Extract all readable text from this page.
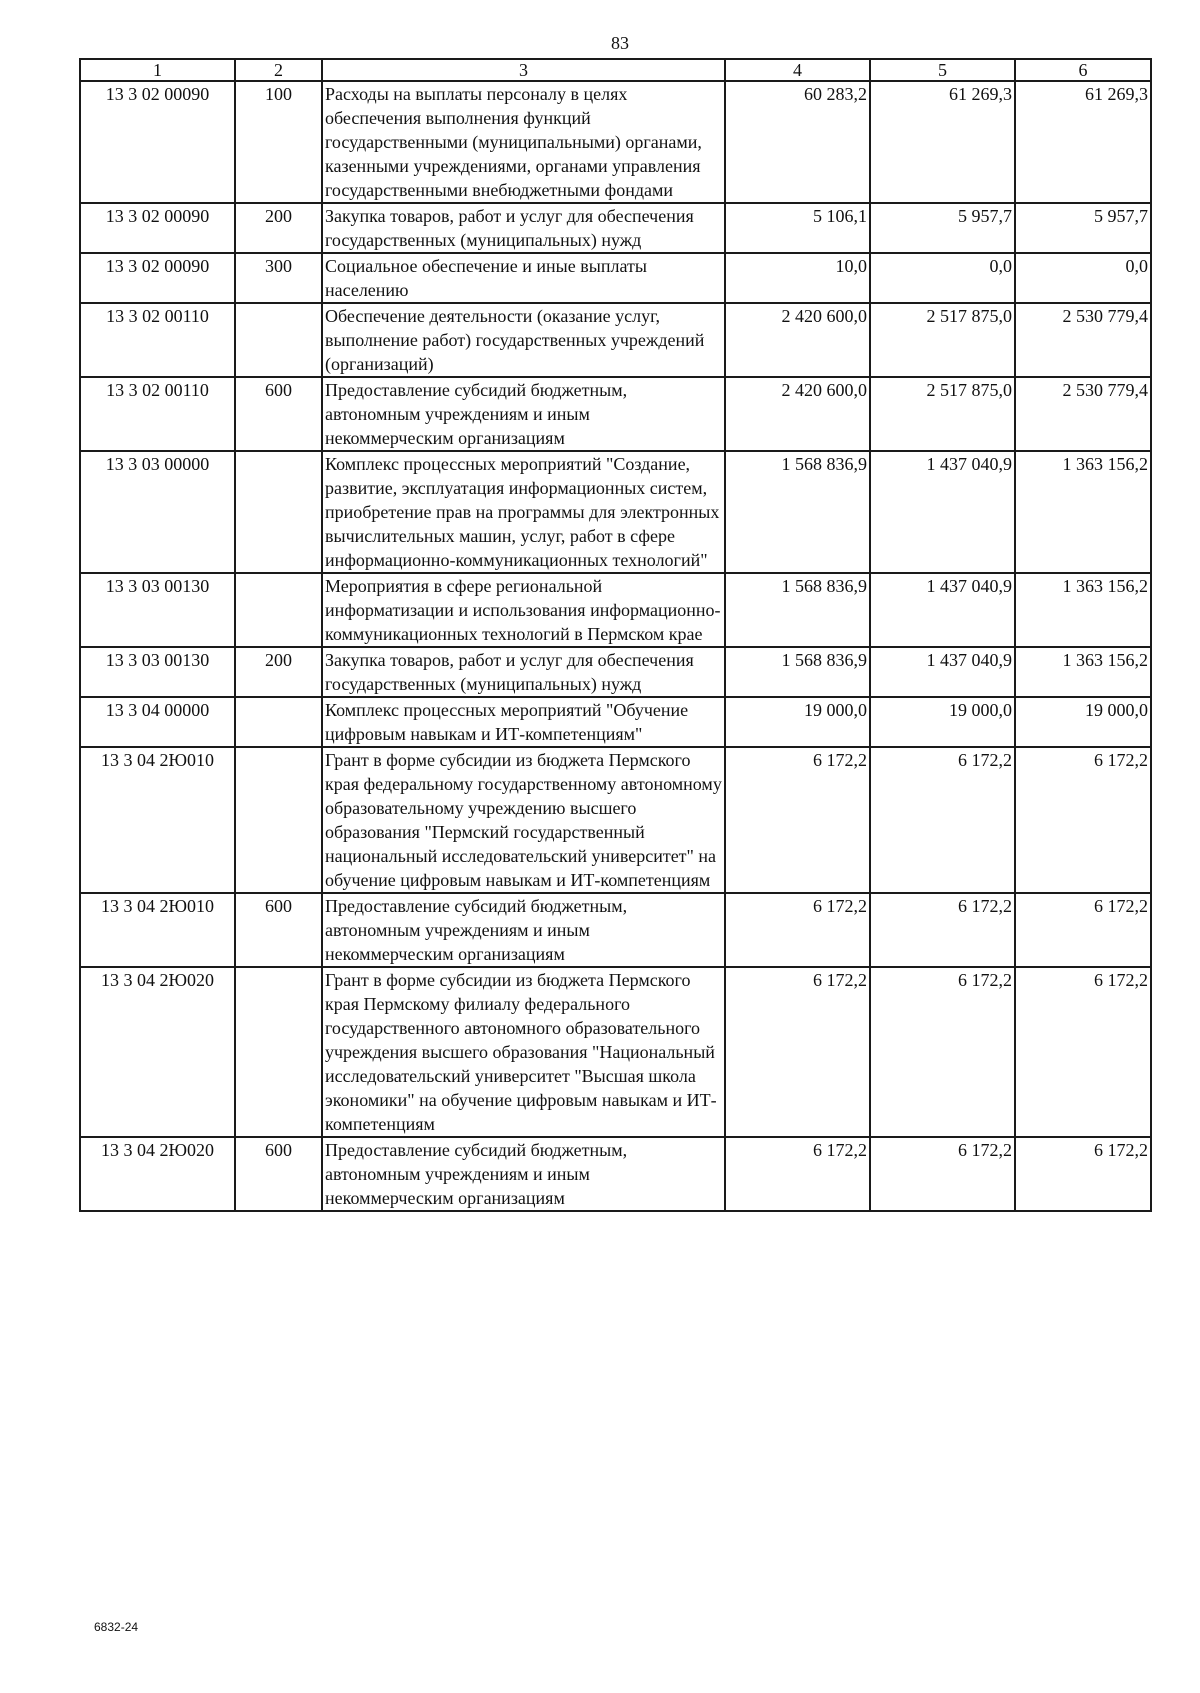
83
1	2	3	4	5	6
13 3 02 00090	100	Расходы на выплаты персоналу в целях обеспечения выполнения функций государственными (муниципальными) органами, казенными учреждениями, органами управления государственными внебюджетными фондами	60 283,2	61 269,3	61 269,3
13 3 02 00090	200	Закупка товаров, работ и услуг для обеспечения государственных (муниципальных) нужд	5 106,1	5 957,7	5 957,7
13 3 02 00090	300	Социальное обеспечение и иные выплаты населению	10,0	0,0	0,0
13 3 02 00110		Обеспечение деятельности (оказание услуг, выполнение работ) государственных учреждений (организаций)	2 420 600,0	2 517 875,0	2 530 779,4
13 3 02 00110	600	Предоставление субсидий бюджетным, автономным учреждениям и иным некоммерческим организациям	2 420 600,0	2 517 875,0	2 530 779,4
13 3 03 00000		Комплекс процессных мероприятий "Создание, развитие, эксплуатация информационных систем, приобретение прав на программы для электронных вычислительных машин, услуг, работ в сфере информационно-коммуникационных технологий"	1 568 836,9	1 437 040,9	1 363 156,2
13 3 03 00130		Мероприятия в сфере региональной информатизации и использования информационно-коммуникационных технологий в Пермском крае	1 568 836,9	1 437 040,9	1 363 156,2
13 3 03 00130	200	Закупка товаров, работ и услуг для обеспечения государственных (муниципальных) нужд	1 568 836,9	1 437 040,9	1 363 156,2
13 3 04 00000		Комплекс процессных мероприятий "Обучение цифровым навыкам и ИТ-компетенциям"	19 000,0	19 000,0	19 000,0
13 3 04 2Ю010		Грант в форме субсидии из бюджета Пермского края федеральному государственному автономному образовательному учреждению высшего образования "Пермский государственный национальный исследовательский университет" на обучение цифровым навыкам и ИТ-компетенциям	6 172,2	6 172,2	6 172,2
13 3 04 2Ю010	600	Предоставление субсидий бюджетным, автономным учреждениям и иным некоммерческим организациям	6 172,2	6 172,2	6 172,2
13 3 04 2Ю020		Грант в форме субсидии из бюджета Пермского края Пермскому филиалу федерального государственного автономного образовательного учреждения высшего образования "Национальный исследовательский университет "Высшая школа экономики" на обучение цифровым навыкам и ИТ-компетенциям	6 172,2	6 172,2	6 172,2
13 3 04 2Ю020	600	Предоставление субсидий бюджетным, автономным учреждениям и иным некоммерческим организациям	6 172,2	6 172,2	6 172,2
6832-24
